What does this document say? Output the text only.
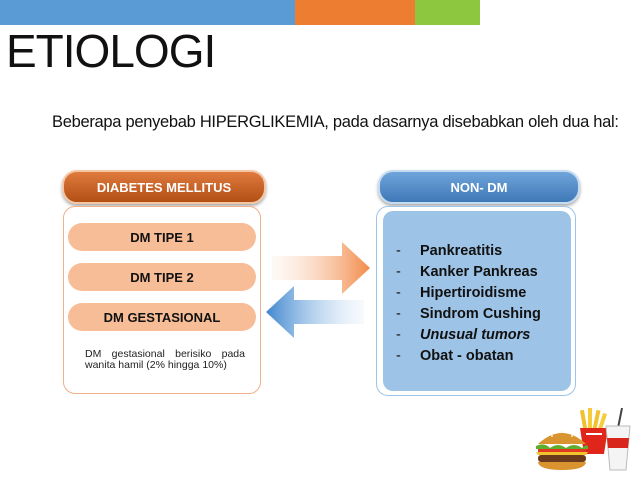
ETIOLOGI

Beberapa penyebab HIPERGLIKEMIA, pada dasarnya disebabkan oleh dua hal:

DIABETES MELLITUS
DM TIPE 1
DM TIPE 2
DM GESTASIONAL
DM gestasional berisiko pada wanita hamil (2% hingga 10%)
NON- DM
-	Pankreatitis
-	Kanker Pankreas
-	Hipertiroidisme
-	Sindrom Cushing
-	Unusual tumors
-	Obat - obatan
